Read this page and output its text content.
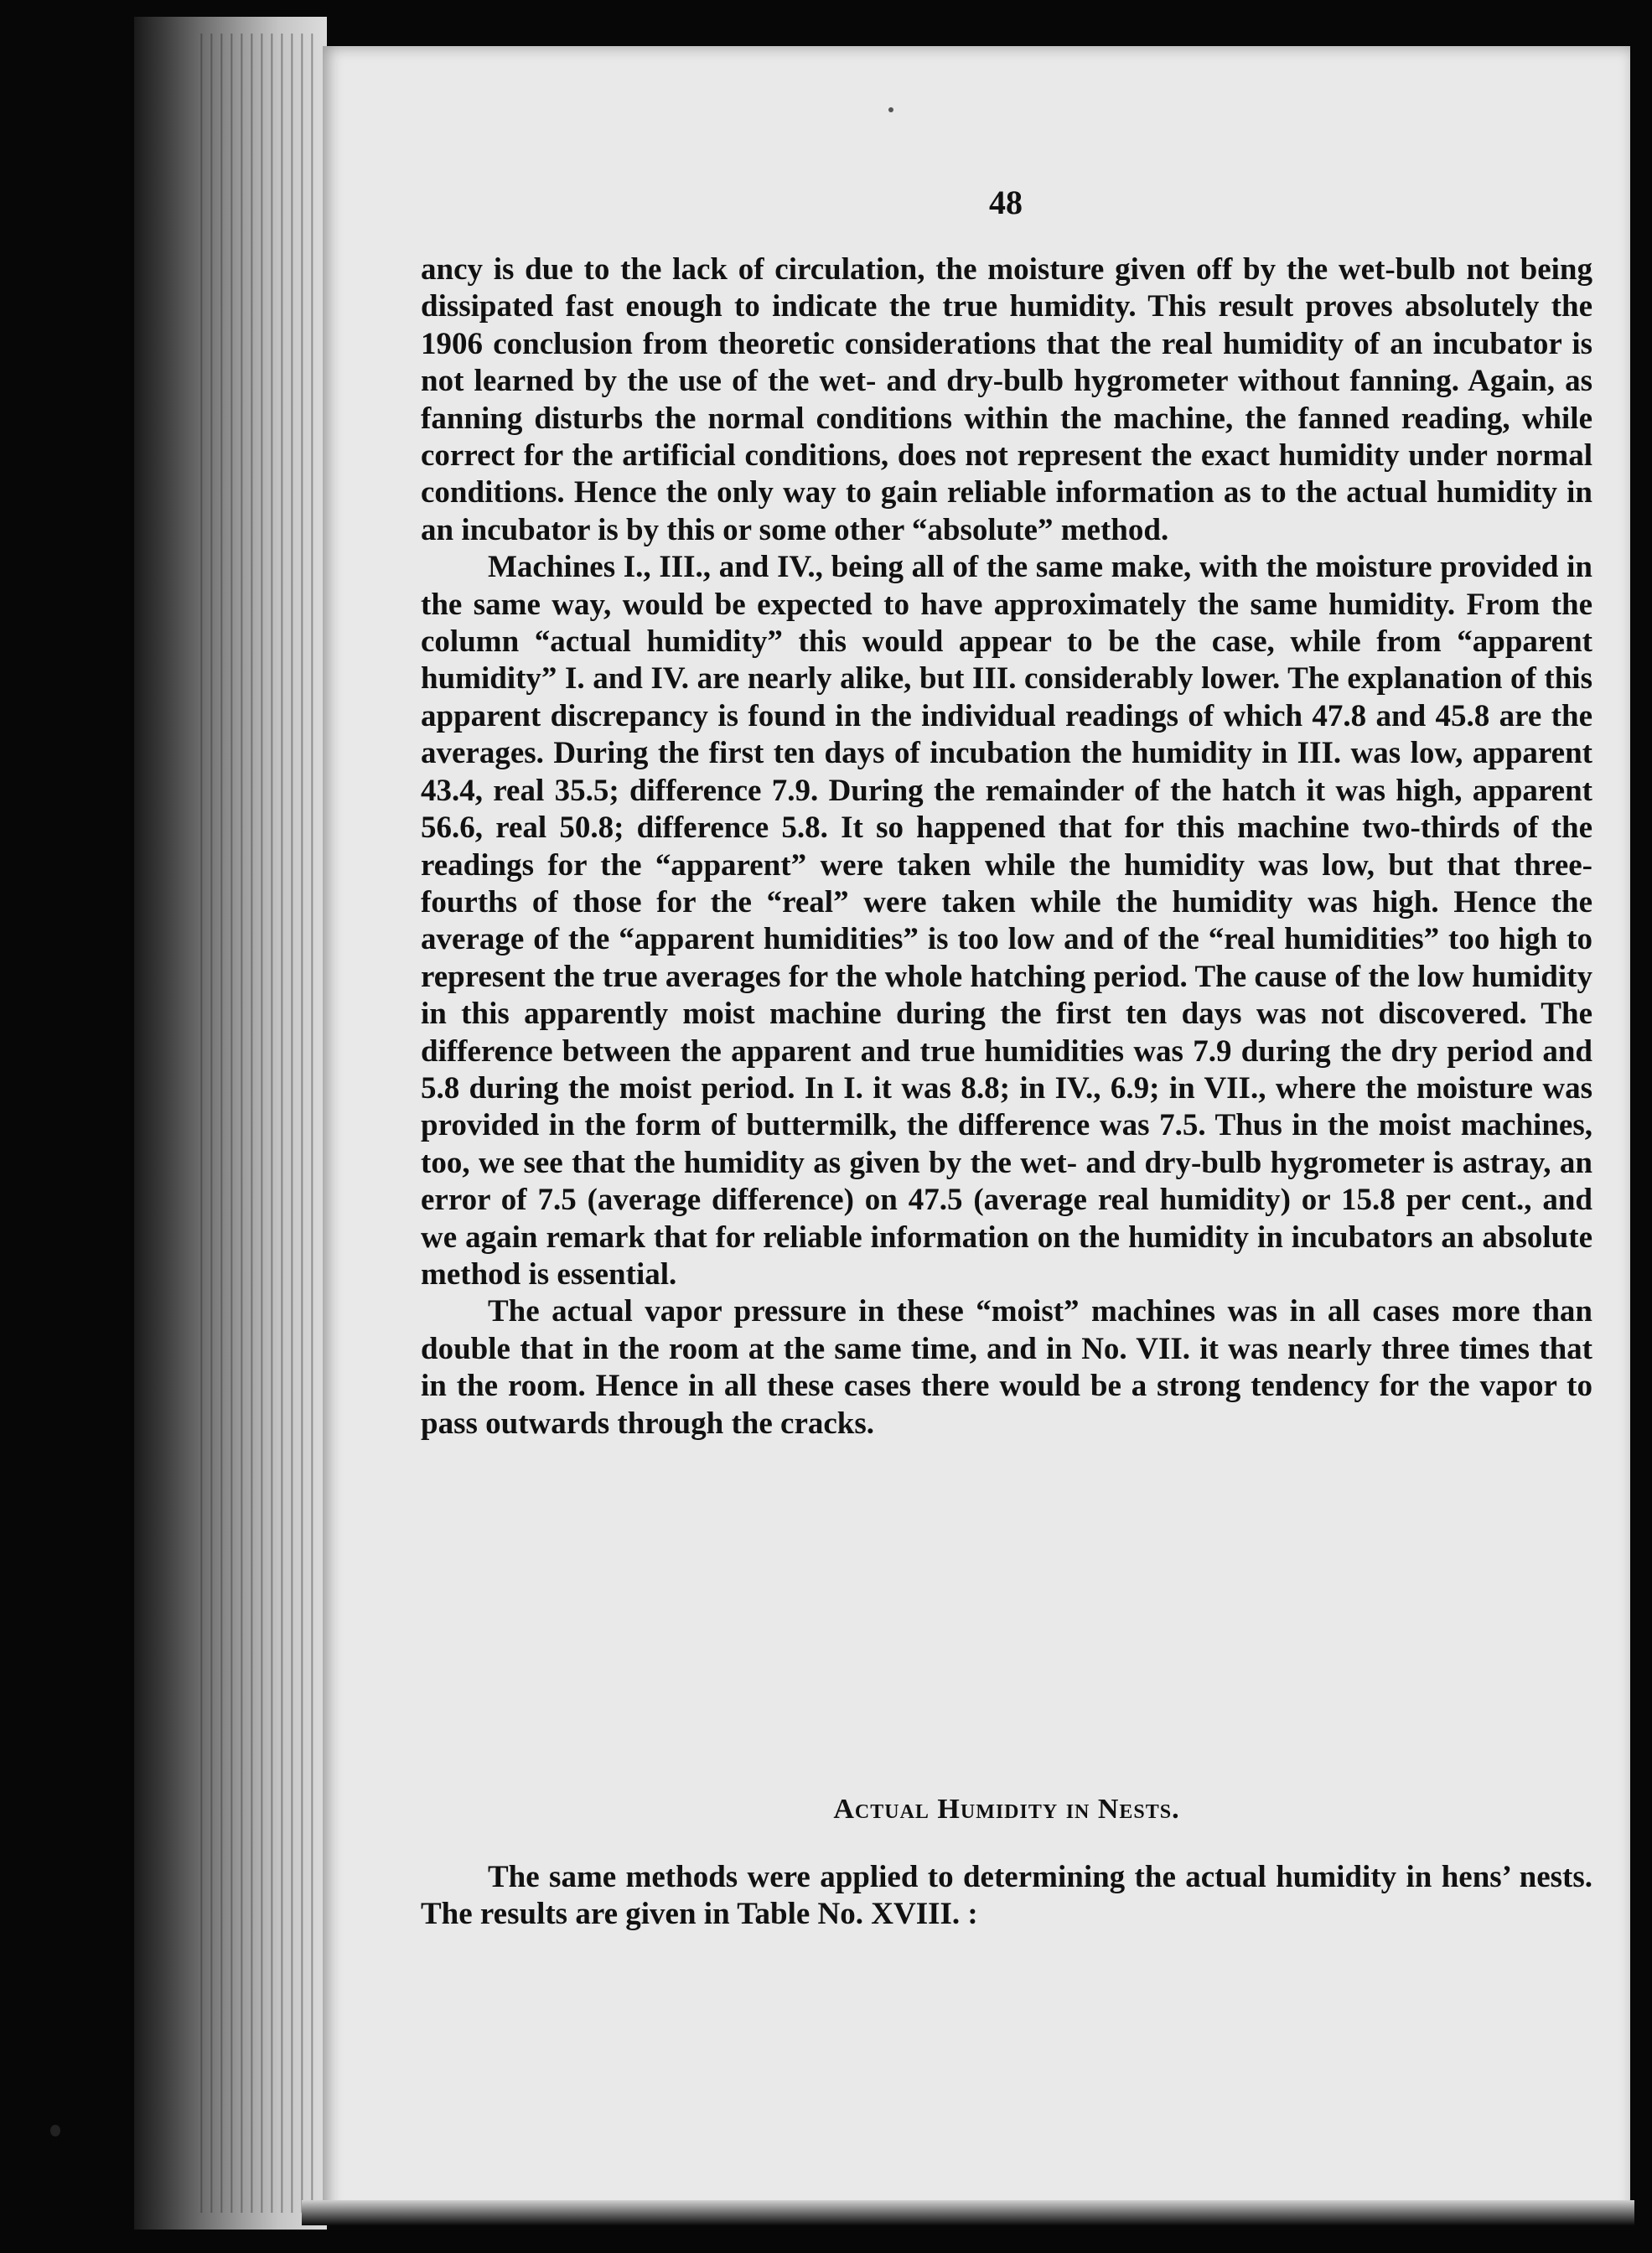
48

ancy is due to the lack of circulation, the moisture given off by the wet-bulb not being dissipated fast enough to indicate the true humidity. This result proves absolutely the 1906 conclusion from theoretic considerations that the real humidity of an incubator is not learned by the use of the wet- and dry-bulb hygrometer without fanning. Again, as fanning disturbs the normal conditions within the machine, the fanned reading, while correct for the artificial conditions, does not represent the exact humidity under normal conditions. Hence the only way to gain reliable information as to the actual humidity in an incubator is by this or some other “absolute” method.

Machines I., III., and IV., being all of the same make, with the moisture provided in the same way, would be expected to have approximately the same humidity. From the column “actual humidity” this would appear to be the case, while from “apparent humidity” I. and IV. are nearly alike, but III. considerably lower. The explanation of this apparent discrepancy is found in the individual readings of which 47.8 and 45.8 are the averages. During the first ten days of incubation the humidity in III. was low, apparent 43.4, real 35.5; difference 7.9. During the remainder of the hatch it was high, apparent 56.6, real 50.8; difference 5.8. It so happened that for this machine two-thirds of the readings for the “apparent” were taken while the humidity was low, but that three-fourths of those for the “real” were taken while the humidity was high. Hence the average of the “apparent humidities” is too low and of the “real humidities” too high to represent the true averages for the whole hatching period. The cause of the low humidity in this apparently moist machine during the first ten days was not discovered. The difference between the apparent and true humidities was 7.9 during the dry period and 5.8 during the moist period. In I. it was 8.8; in IV., 6.9; in VII., where the moisture was provided in the form of buttermilk, the difference was 7.5. Thus in the moist machines, too, we see that the humidity as given by the wet- and dry-bulb hygrometer is astray, an error of 7.5 (average difference) on 47.5 (average real humidity) or 15.8 per cent., and we again remark that for reliable information on the humidity in incubators an absolute method is essential.

The actual vapor pressure in these “moist” machines was in all cases more than double that in the room at the same time, and in No. VII. it was nearly three times that in the room. Hence in all these cases there would be a strong tendency for the vapor to pass outwards through the cracks.

Actual Humidity in Nests.
The same methods were applied to determining the actual humidity in hens’ nests. The results are given in Table No. XVIII. :
